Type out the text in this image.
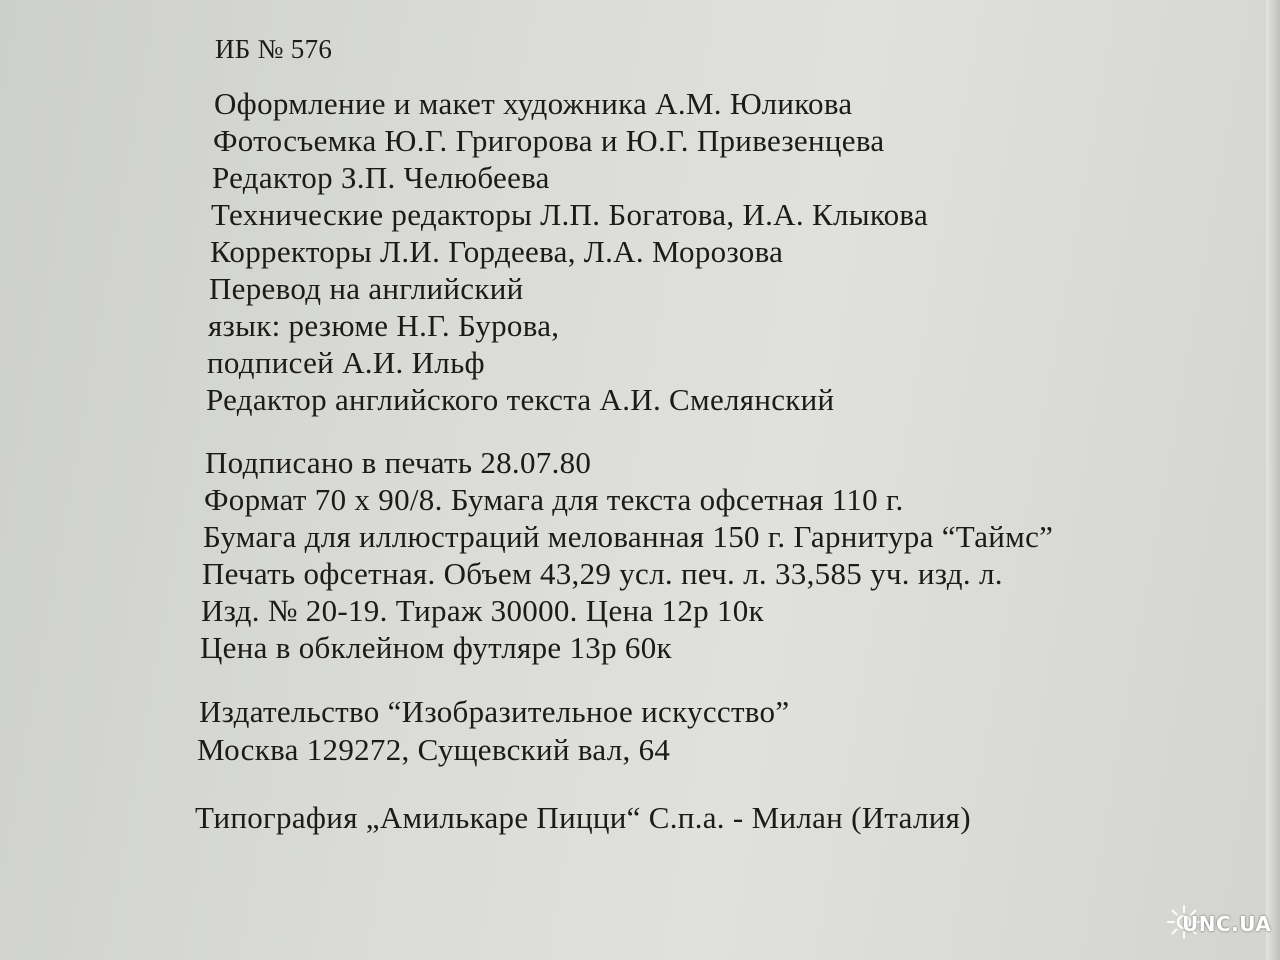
ИБ № 576
Оформление и макет художника А.М. Юликова
Фотосъемка Ю.Г. Григорова и Ю.Г. Привезенцева
Редактор З.П. Челюбеева
Технические редакторы Л.П. Богатова, И.А. Клыкова
Корректоры Л.И. Гордеева, Л.А. Морозова
Перевод на английский
язык: резюме Н.Г. Бурова,
подписей А.И. Ильф
Редактор английского текста А.И. Смелянский
Подписано в печать 28.07.80
Формат 70 х 90/8. Бумага для текста офсетная 110 г.
Бумага для иллюстраций мелованная 150 г. Гарнитура “Таймс”
Печать офсетная. Объем 43,29 усл. печ. л. 33,585 уч. изд. л.
Изд. № 20-19. Тираж 30000. Цена 12р 10к
Цена в обклейном футляре 13р 60к
Издательство “Изобразительное искусство”
Москва 129272, Сущевский вал, 64
Типография „Амилькаре Пицци“ С.п.а. - Милан (Италия)
UNC.UA
